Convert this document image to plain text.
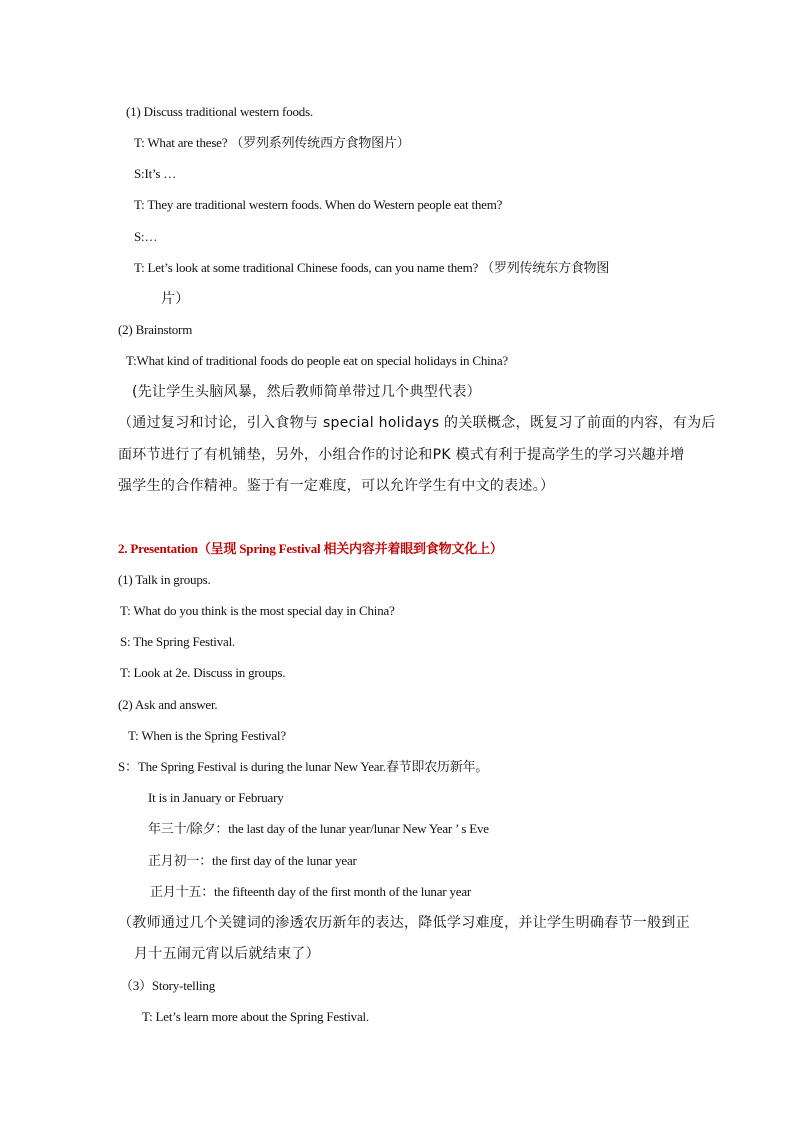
(1) Discuss traditional western foods.
T: What are these? （罗列系列传统西方食物图片）
S:It’s …
T: They are traditional western foods. When do Western people eat them?
S:…
T: Let’s look at some traditional Chinese foods, can you name them? （罗列传统东方食物图
片）
(2) Brainstorm
T:What kind of traditional foods do people eat on special holidays in China?
(先让学生头脑风暴，然后教师简单带过几个典型代表）
（通过复习和讨论，引入食物与 special holidays 的关联概念，既复习了前面的内容，有为后
面环节进行了有机铺垫，另外，小组合作的讨论和PK 模式有利于提高学生的学习兴趣并增
强学生的合作精神。鉴于有一定难度，可以允许学生有中文的表述。）
2. Presentation（呈现 Spring Festival 相关内容并着眼到食物文化上）
(1) Talk in groups.
T: What do you think is the most special day in China?
S: The Spring Festival.
T: Look at 2e. Discuss in groups.
(2) Ask and answer.
T: When is the Spring Festival?
S：The Spring Festival is during the lunar New Year.春节即农历新年。
It is in January or February
年三十/除夕：the last day of the lunar year/lunar New Year ’ s Eve
正月初一：the first day of the lunar year
正月十五：the fifteenth day of the first month of the lunar year
（教师通过几个关键词的渗透农历新年的表达，降低学习难度，并让学生明确春节一般到正
月十五闹元宵以后就结束了）
（3）Story-telling
T: Let’s learn more about the Spring Festival.
